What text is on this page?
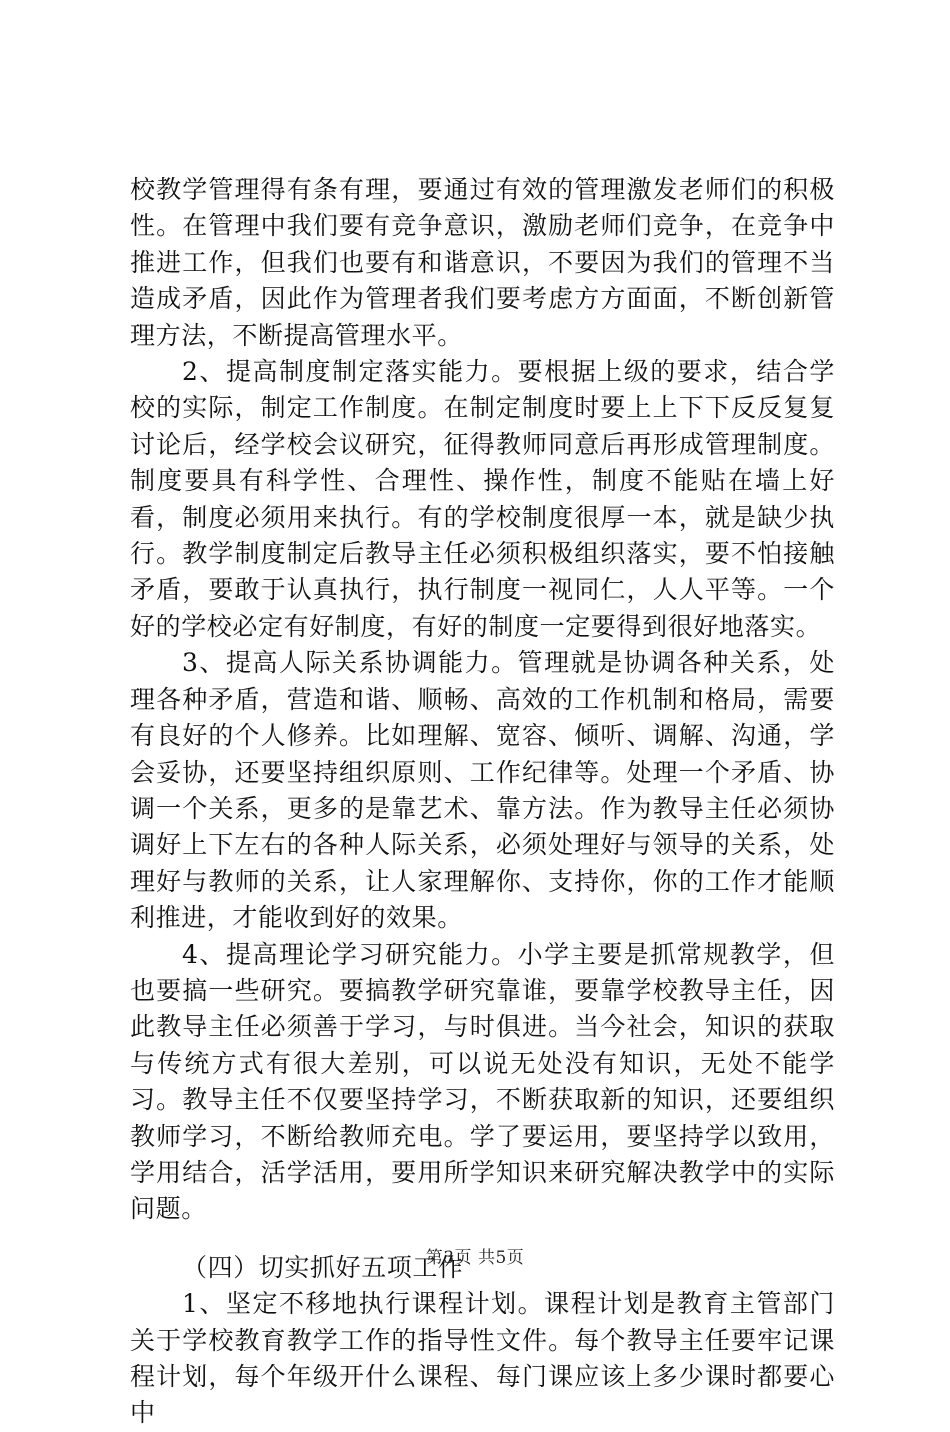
校教学管理得有条有理，要通过有效的管理激发老师们的积极性。在管理中我们要有竞争意识，激励老师们竞争，在竞争中推进工作，但我们也要有和谐意识，不要因为我们的管理不当造成矛盾，因此作为管理者我们要考虑方方面面，不断创新管理方法，不断提高管理水平。

2、提高制度制定落实能力。要根据上级的要求，结合学校的实际，制定工作制度。在制定制度时要上上下下反反复复讨论后，经学校会议研究，征得教师同意后再形成管理制度。制度要具有科学性、合理性、操作性，制度不能贴在墙上好看，制度必须用来执行。有的学校制度很厚一本，就是缺少执行。教学制度制定后教导主任必须积极组织落实，要不怕接触矛盾，要敢于认真执行，执行制度一视同仁，人人平等。一个好的学校必定有好制度，有好的制度一定要得到很好地落实。

3、提高人际关系协调能力。管理就是协调各种关系，处理各种矛盾，营造和谐、顺畅、高效的工作机制和格局，需要有良好的个人修养。比如理解、宽容、倾听、调解、沟通，学会妥协，还要坚持组织原则、工作纪律等。处理一个矛盾、协调一个关系，更多的是靠艺术、靠方法。作为教导主任必须协调好上下左右的各种人际关系，必须处理好与领导的关系，处理好与教师的关系，让人家理解你、支持你，你的工作才能顺利推进，才能收到好的效果。

4、提高理论学习研究能力。小学主要是抓常规教学，但也要搞一些研究。要搞教学研究靠谁，要靠学校教导主任，因此教导主任必须善于学习，与时俱进。当今社会，知识的获取与传统方式有很大差别，可以说无处没有知识，无处不能学习。教导主任不仅要坚持学习，不断获取新的知识，还要组织教师学习，不断给教师充电。学了要运用，要坚持学以致用，学用结合，活学活用，要用所学知识来研究解决教学中的实际问题。

（四）切实抓好五项工作

1、坚定不移地执行课程计划。课程计划是教育主管部门关于学校教育教学工作的指导性文件。每个教导主任要牢记课程计划，每个年级开什么课程、每门课应该上多少课时都要心中

第3页 共5页
